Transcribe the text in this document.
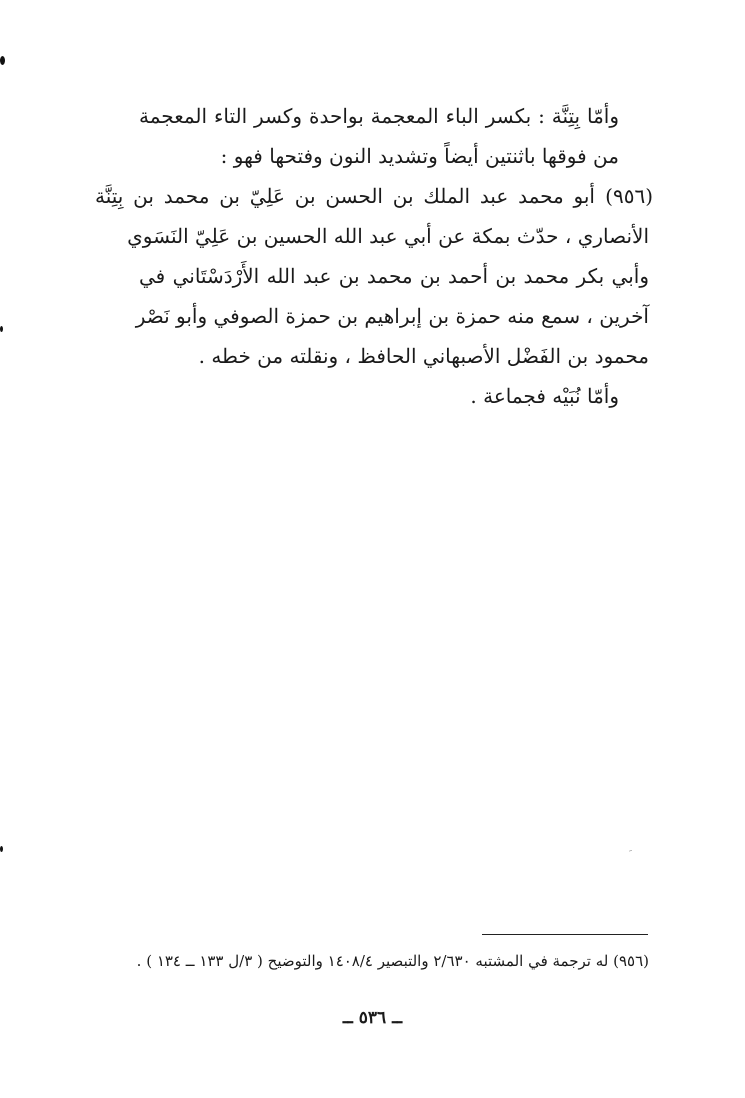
وأمّا بِتِنَّة : بكسر الباء المعجمة بواحدة وكسر التاء المعجمة
من فوقها باثنتين أيضاً وتشديد النون وفتحها فهو :
(٩٥٦)
أبو محمد عبد الملك بن الحسن بن عَلِيّ بن محمد بن بِتِنَّة
الأنصاري ، حدّث بمكة عن أبي عبد الله الحسين بن عَلِيّ النَسَوي
وأبي بكر محمد بن أحمد بن محمد بن عبد الله الأَرْدَسْتَاني في
آخرين ، سمع منه حمزة بن إبراهيم بن حمزة الصوفي وأبو نَصْر
محمود بن الفَضْل الأصبهاني الحافظ ، ونقلته من خطه .
وأمّا نُبَيْه فجماعة .
(٩٥٦) له ترجمة في المشتبه ٢/٦٣٠ والتبصير ١٤٠٨/٤ والتوضيح ( ٣/ل ١٣٣ ــ ١٣٤ ) .
ــ ٥٣٦ ــ
